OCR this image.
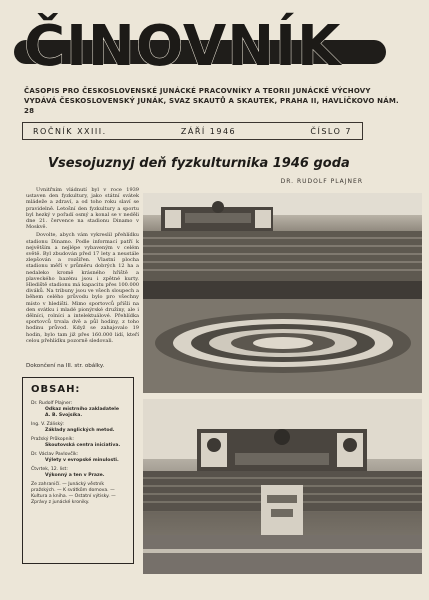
ČINOVNÍK
ČASOPIS PRO ČESKOSLOVENSKÉ JUNÁCKÉ PRACOVNÍKY A TEORII JUNÁCKÉ VÝCHOVY VYDÁVÁ ČESKOSLOVENSKÝ JUNÁK, SVAZ SKAUTŮ A SKAUTEK, PRAHA II, HAVLÍČKOVO NÁM. 28
ROČNÍK XXIII.	ZÁŘÍ 1946	ČÍSLO 7
Vsesojuznyj deň fyzkulturnika 1946 goda
DR. RUDOLF PLAJNER

Uvnitřním vládnutí byl v roce 1939 ustaven den fyzkultury, jako státní svátek mládeže a zdraví, a od toho roku slaví se pravidelně. Letošní den fyzkultury a sportu byl hezký v pořadí osmý a konal se v neděli dne 21. července na stadionu Dinamo v Moskvě.

Dovolte, abych vám vykreslil přehlídku stadionu Dinamo. Podle informací patří k největším a nejlépe vybaveným v celém světě. Byl zbudován před 17 lety a neustále zlepšován a rozšířen. Vlastní plocha stadionu měří v průměru dobrých 12 ha a nedaleko kromě krásného hřiště a plaveckého bazénu jsou i zpětné kurty. Hlediště stadionu má kapacitu přes 100.000 diváků. Na tribuny jsou ve všech sloupech a během celého průvodu bylo pro všechny místo v hledišti. Mimo sportovců přišli na den svátku i mladé pionýrské družiny, ale i dělníci, rolníci a intelektuálové. Přehlídka sportovců trvala dvě a půl hodiny, z toho hodinu průvod. Když se zahajovalo 19 hodin, bylo tam již přes 160.000 lidí, kteří celou přehlídku pozorně sledovali.

Dokončení na III. str. obálky.
OBSAH:
Dr. Rudolf Plajner:
Odkaz mistrního zakladatele A. B. Svojsíka.
Ing. V. Záliský:
Základy anglických metod.
Pražský Průkopník:
Skoutovská centra iniciativa.
Dr. Václav Pavlovčík:
Výlety v evropské minulosti.
Čtvrtek, 12. list:
Výkonný a ten v Praze.
Ze zahraničí. — Junácký věstník pražských. — K svátkům domova. — Kultura a kniha. — Ostatní výtisky. — Zprávy z junácké kroniky.
